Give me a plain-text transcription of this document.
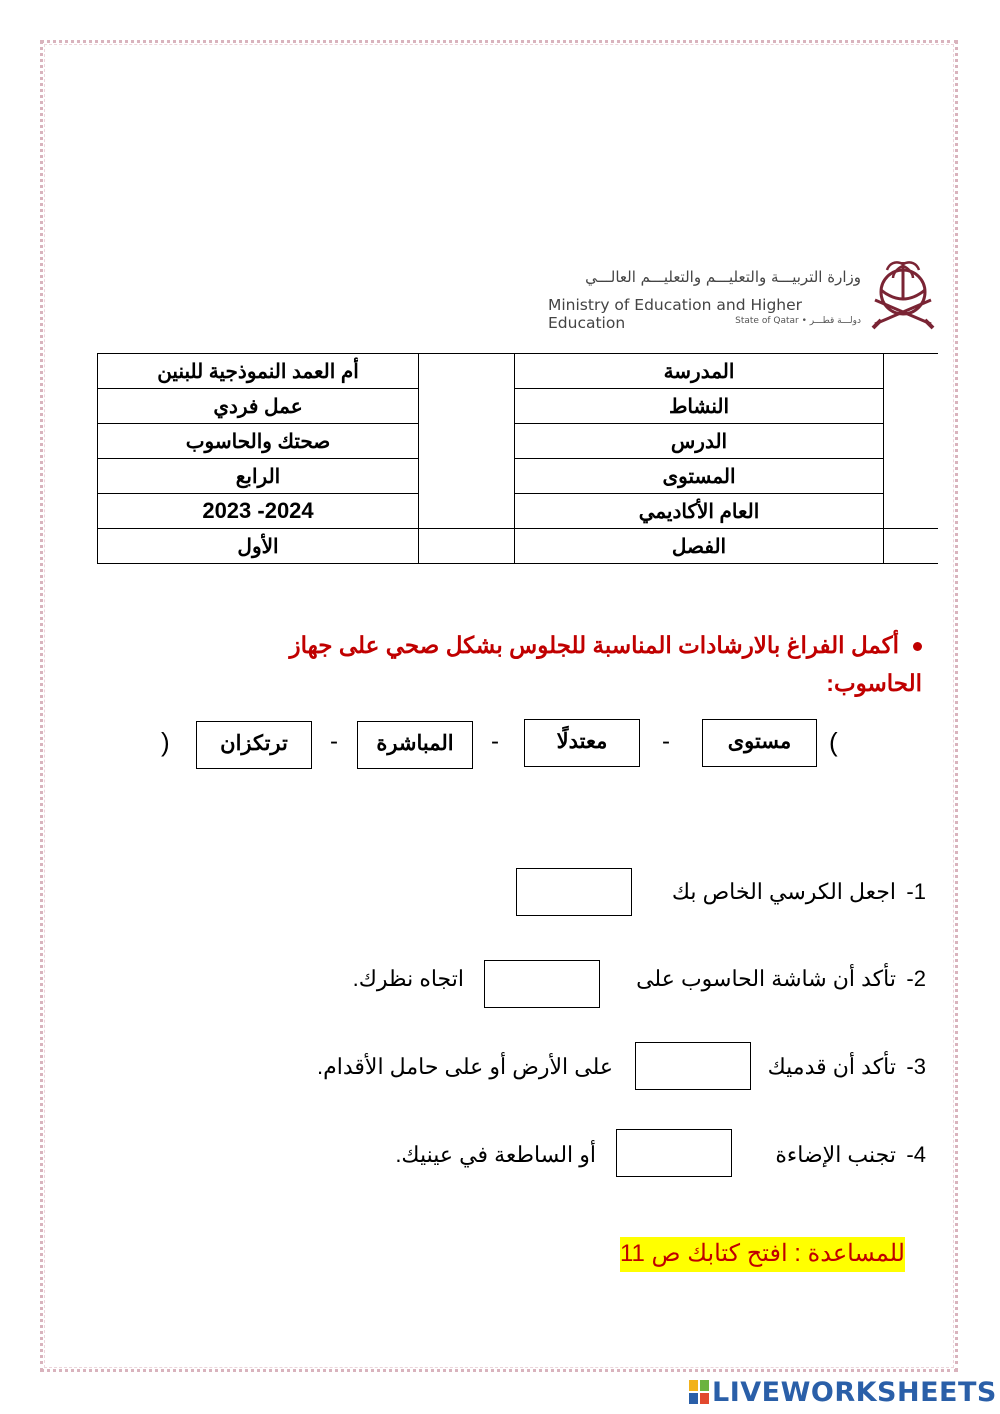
وزارة التربيـــة والتعليـــم والتعليـــم العالـــي
Ministry of Education and Higher Education	State of Qatar • دولـــة قطـــر
أم العمد النموذجية للبنين		المدرسة	
عمل فردي		النشاط	
صحتك والحاسوب		الدرس	
الرابع		المستوى	
2023 -2024		العام الأكاديمي	
الأول		الفصل	
أكمل الفراغ بالارشادات المناسبة للجلوس بشكل صحي على جهاز
الحاسوب:
(
مستوى
-
معتدلًا
-
المباشرة
-
ترتكزان
)
1-
اجعل الكرسي الخاص بك
2-
تأكد أن شاشة الحاسوب على
اتجاه نظرك.
3-
تأكد أن قدميك
على الأرض أو على حامل الأقدام.
4-
تجنب الإضاءة
أو الساطعة في عينيك.
للمساعدة : افتح كتابك ص 11
LIVEWORKSHEETS
